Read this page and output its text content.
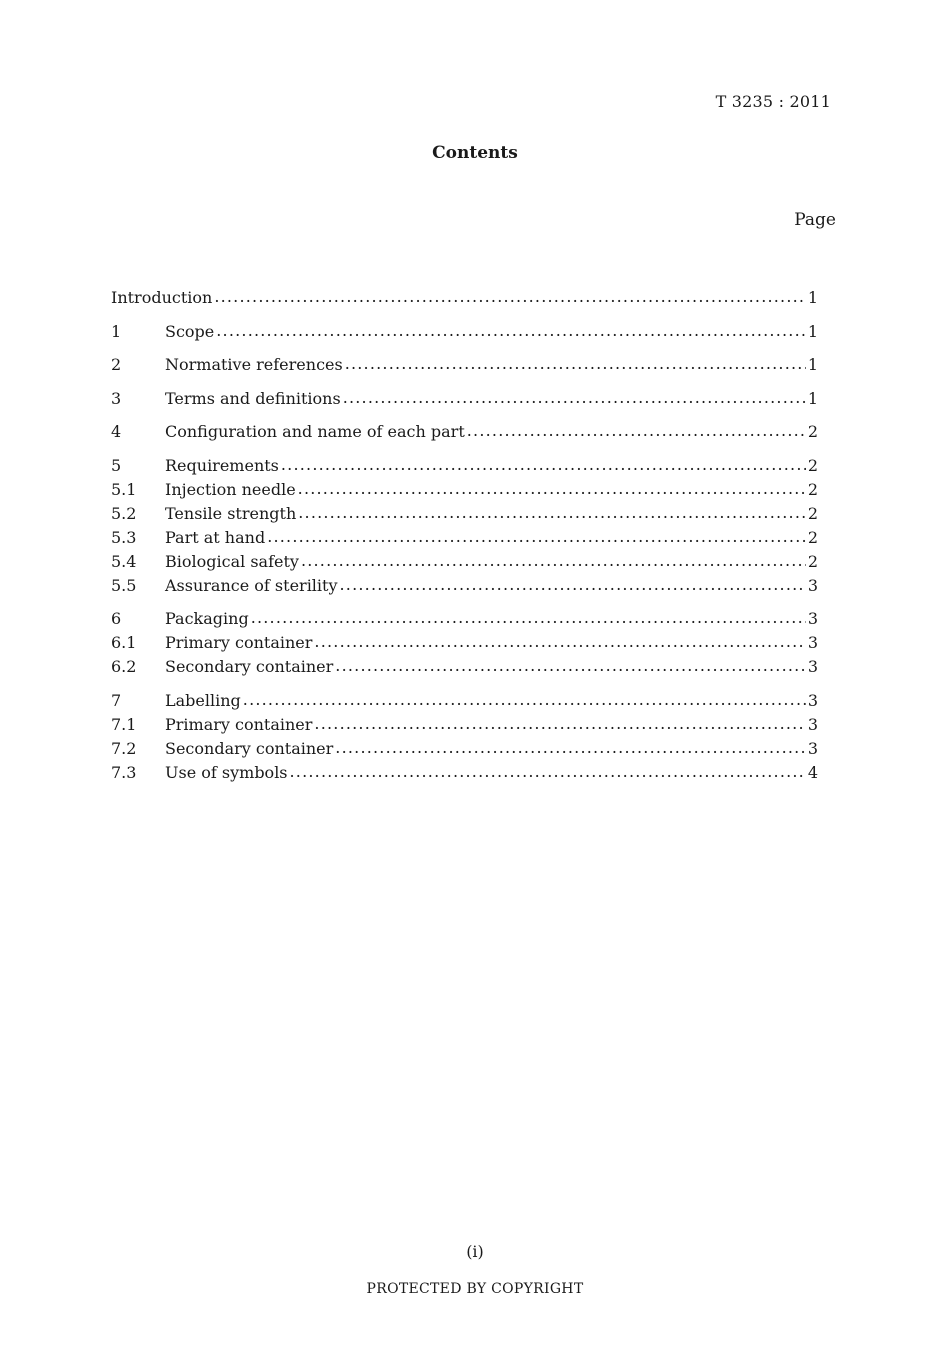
T 3235 : 2011
Contents
Page
Introduction .....	1
1	Scope .....	1
2	Normative references .....	1
3	Terms and definitions .....	1
4	Configuration and name of each part .....	2
5	Requirements .....	2
5.1	Injection needle .....	2
5.2	Tensile strength .....	2
5.3	Part at hand .....	2
5.4	Biological safety .....	2
5.5	Assurance of sterility .....	3
6	Packaging .....	3
6.1	Primary container .....	3
6.2	Secondary container .....	3
7	Labelling .....	3
7.1	Primary container .....	3
7.2	Secondary container .....	3
7.3	Use of symbols .....	4
(i)
PROTECTED BY COPYRIGHT
